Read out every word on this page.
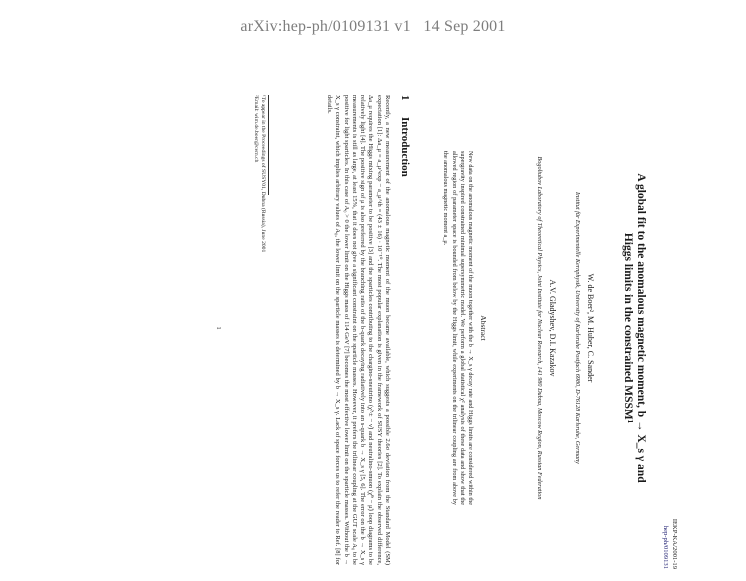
arXiv:hep-ph/0109131 v1   14 Sep 2001
IEKP-KA/2001-19
hep-ph/0109131
A global fit to the anomalous magnetic moment, b → X_s γ and
Higgs limits in the constrained MSSM¹
W. de Boer², M. Huber, C. Sander
Institut für Experimentelle Kernphysik, University of Karlsruhe Postfach 6980, D-76128 Karlsruhe, Germany
A.V. Gladyshev, D.I. Kazakov
Bogoliubov Laboratory of Theoretical Physics, Joint Institute for Nuclear Research, 141 980 Dubna, Moscow Region, Russian Federation
Abstract
New data on the anomalous magnetic moment of the muon together with the b → X_s γ decay rate and Higgs limits are considered within the supergravity inspired constrained minimal supersymmetric model. We perform a global statistical χ² analysis of these data and show that the allowed region of parameter space is bounded from below by the Higgs limit, while experiments on the trilinear coupling are from above by the anomalous magnetic moment a_μ.
1Introduction
Recently, a new measurement of the anomalous magnetic moment of the muon became available, which suggests a possible 2.6σ deviation from the Standard Model (SM) expectation [1]: Δa_μ = a_μ^exp − a_μ^th = (43 ± 16) · 10⁻¹⁰. The most popular explanation is given in the framework of SUSY theories [2]. To explain the observed difference, Δa_μ requires the Higgs mixing parameter to be positive [3] and the sparticles contributing to the chargino-sneutrino (χ̃^± − ν̃) and neutralino-smuon (χ̃⁰ − μ̃) loop diagrams to be relatively light [4]. The positive sign of μ is also preferred by the branching ratio of the b-quark decaying radiatively into an s-quark b → X_s γ [5, 6]. The error on the b → X_s γ measurements is still as large, at least 15%, that it does not give a significant constraint on the sparticle masses. However, it prefers the trilinear coupling at the GUT scale A₀ to be positive for light sparticles. In this case of A₀ > 0 the lower limit on the Higgs mass of 114 GeV [7] becomes the most effective lower limit on the sparticle masses. Without the b → X_s γ constraint, which implies arbitrary values of A₀, the lower limit on the sparticle masses is determined by b → X_s γ. Lack of space forces us to refer the reader to Ref. [8] for details.
¹To appear in the Proceedings of SUSY01, Dubna (Russia), June 2001
²Email: wim.de.boer@cern.ch
1
